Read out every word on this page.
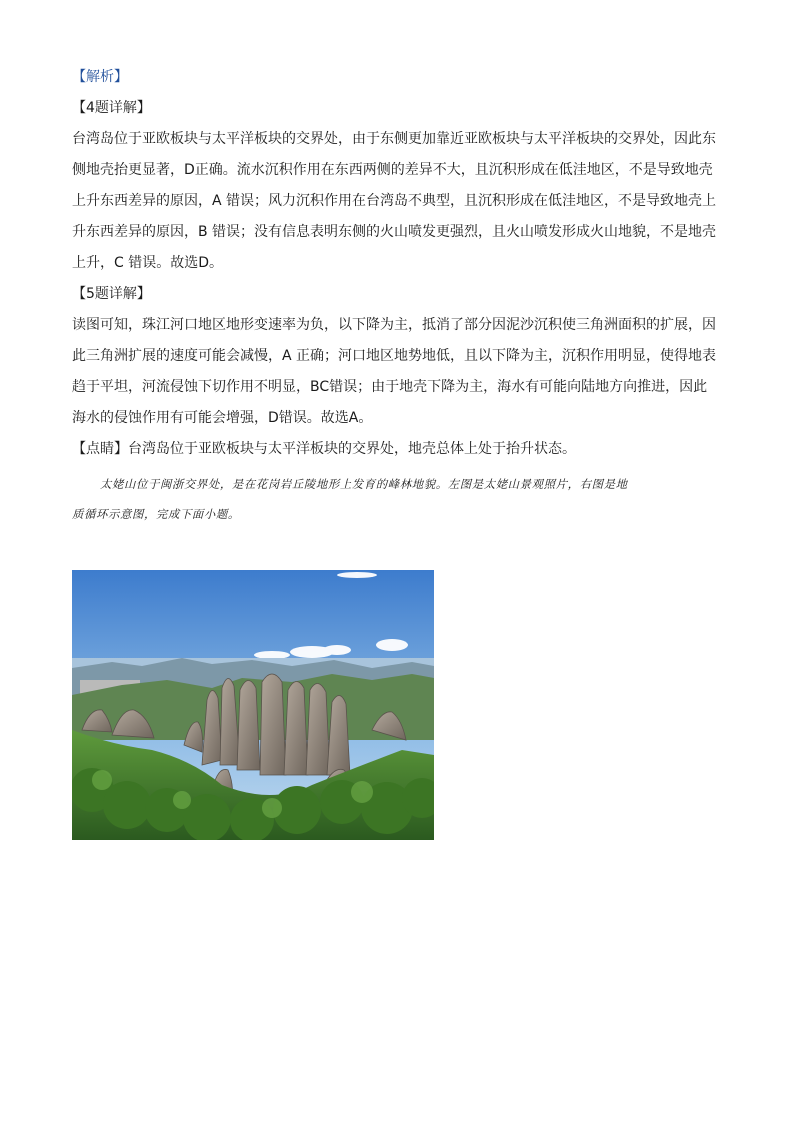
【解析】

【4题详解】

台湾岛位于亚欧板块与太平洋板块的交界处，由于东侧更加靠近亚欧板块与太平洋板块的交界处，因此东

侧地壳抬更显著，D正确。流水沉积作用在东西两侧的差异不大，且沉积形成在低洼地区，不是导致地壳

上升东西差异的原因，A 错误；风力沉积作用在台湾岛不典型，且沉积形成在低洼地区，不是导致地壳上

升东西差异的原因，B 错误；没有信息表明东侧的火山喷发更强烈，且火山喷发形成火山地貌，不是地壳

上升，C 错误。故选D。

【5题详解】

读图可知，珠江河口地区地形变速率为负，以下降为主，抵消了部分因泥沙沉积使三角洲面积的扩展，因

此三角洲扩展的速度可能会减慢，A 正确；河口地区地势地低，且以下降为主，沉积作用明显，使得地表

趋于平坦，河流侵蚀下切作用不明显，BC错误；由于地壳下降为主，海水有可能向陆地方向推进，因此

海水的侵蚀作用有可能会增强，D错误。故选A。

【点睛】台湾岛位于亚欧板块与太平洋板块的交界处，地壳总体上处于抬升状态。

太姥山位于闽浙交界处，是在花岗岩丘陵地形上发育的峰林地貌。左图是太姥山景观照片，右图是地
质循环示意图，完成下面小题。
